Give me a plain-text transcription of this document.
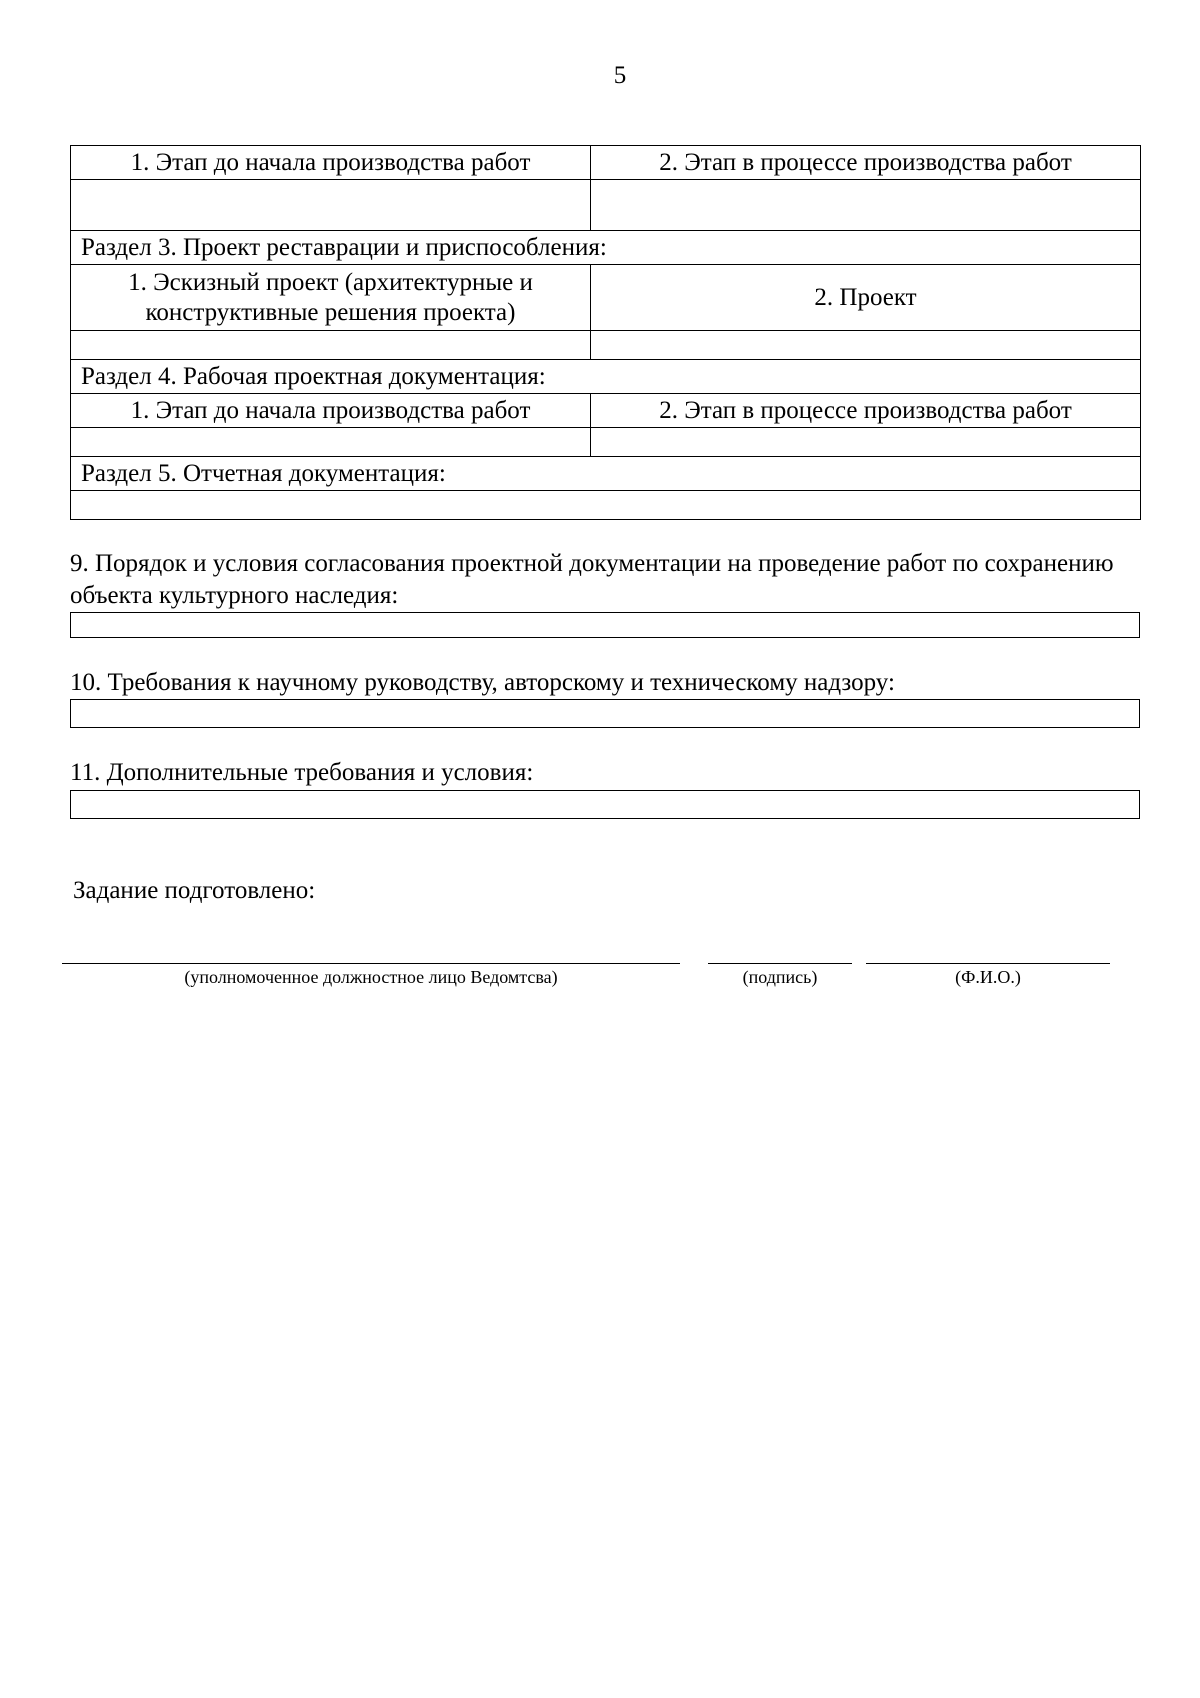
5
1. Этап до начала производства работ	2. Этап в процессе производства работ

Раздел 3. Проект реставрации и приспособления:	
1. Эскизный проект (архитектурные и конструктивные решения проекта)	2. Проект

Раздел 4. Рабочая проектная документация:	
1. Этап до начала производства работ	2. Этап в процессе производства работ

Раздел 5. Отчетная документация:	

9. Порядок и условия согласования проектной документации на проведение работ по сохранению объекта культурного наследия:
10. Требования к научному руководству, авторскому и техническому надзору:
11. Дополнительные требования и условия:
Задание подготовлено:
(уполномоченное должностное лицо Ведомтсва)	(подпись)	(Ф.И.О.)
